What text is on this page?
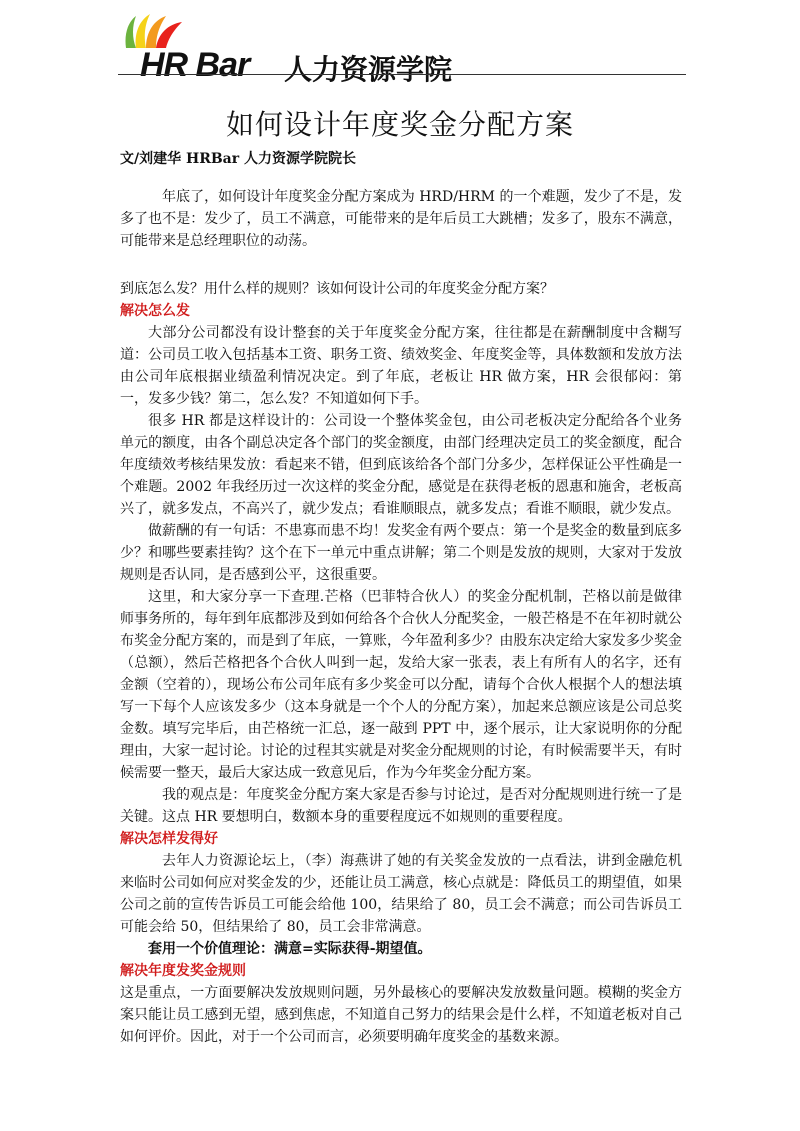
HR Bar 人力资源学院
如何设计年度奖金分配方案
文/刘建华 HRBar 人力资源学院院长

年底了，如何设计年度奖金分配方案成为 HRD/HRM 的一个难题，发少了不是，发多了也不是：发少了，员工不满意，可能带来的是年后员工大跳槽；发多了，股东不满意，可能带来是总经理职位的动荡。

到底怎么发？用什么样的规则？该如何设计公司的年度奖金分配方案？

解决怎么发

大部分公司都没有设计整套的关于年度奖金分配方案，往往都是在薪酬制度中含糊写道：公司员工收入包括基本工资、职务工资、绩效奖金、年度奖金等，具体数额和发放方法由公司年底根据业绩盈利情况决定。到了年底，老板让 HR 做方案，HR 会很郁闷：第一，发多少钱？第二，怎么发？不知道如何下手。

很多 HR 都是这样设计的：公司设一个整体奖金包，由公司老板决定分配给各个业务单元的额度，由各个副总决定各个部门的奖金额度，由部门经理决定员工的奖金额度，配合年度绩效考核结果发放：看起来不错，但到底该给各个部门分多少，怎样保证公平性确是一个难题。2002 年我经历过一次这样的奖金分配，感觉是在获得老板的恩惠和施舍，老板高兴了，就多发点，不高兴了，就少发点；看谁顺眼点，就多发点；看谁不顺眼，就少发点。

做薪酬的有一句话：不患寡而患不均！发奖金有两个要点：第一个是奖金的数量到底多少？和哪些要素挂钩？这个在下一单元中重点讲解；第二个则是发放的规则，大家对于发放规则是否认同，是否感到公平，这很重要。

这里，和大家分享一下查理.芒格（巴菲特合伙人）的奖金分配机制，芒格以前是做律师事务所的，每年到年底都涉及到如何给各个合伙人分配奖金，一般芒格是不在年初时就公布奖金分配方案的，而是到了年底，一算账，今年盈利多少？由股东决定给大家发多少奖金（总额），然后芒格把各个合伙人叫到一起，发给大家一张表，表上有所有人的名字，还有金额（空着的），现场公布公司年底有多少奖金可以分配，请每个合伙人根据个人的想法填写一下每个人应该发多少（这本身就是一个个人的分配方案），加起来总额应该是公司总奖金数。填写完毕后，由芒格统一汇总，逐一敲到 PPT 中，逐个展示，让大家说明你的分配理由，大家一起讨论。讨论的过程其实就是对奖金分配规则的讨论，有时候需要半天，有时候需要一整天，最后大家达成一致意见后，作为今年奖金分配方案。

我的观点是：年度奖金分配方案大家是否参与讨论过，是否对分配规则进行统一了是关键。这点 HR 要想明白，数额本身的重要程度远不如规则的重要程度。

解决怎样发得好

去年人力资源论坛上，（李）海燕讲了她的有关奖金发放的一点看法，讲到金融危机来临时公司如何应对奖金发的少，还能让员工满意，核心点就是：降低员工的期望值，如果公司之前的宣传告诉员工可能会给他 100，结果给了 80，员工会不满意；而公司告诉员工可能会给 50，但结果给了 80，员工会非常满意。

套用一个价值理论：满意=实际获得-期望值。

解决年度发奖金规则

这是重点，一方面要解决发放规则问题，另外最核心的要解决发放数量问题。模糊的奖金方案只能让员工感到无望，感到焦虑，不知道自己努力的结果会是什么样，不知道老板对自己如何评价。因此，对于一个公司而言，必须要明确年度奖金的基数来源。
